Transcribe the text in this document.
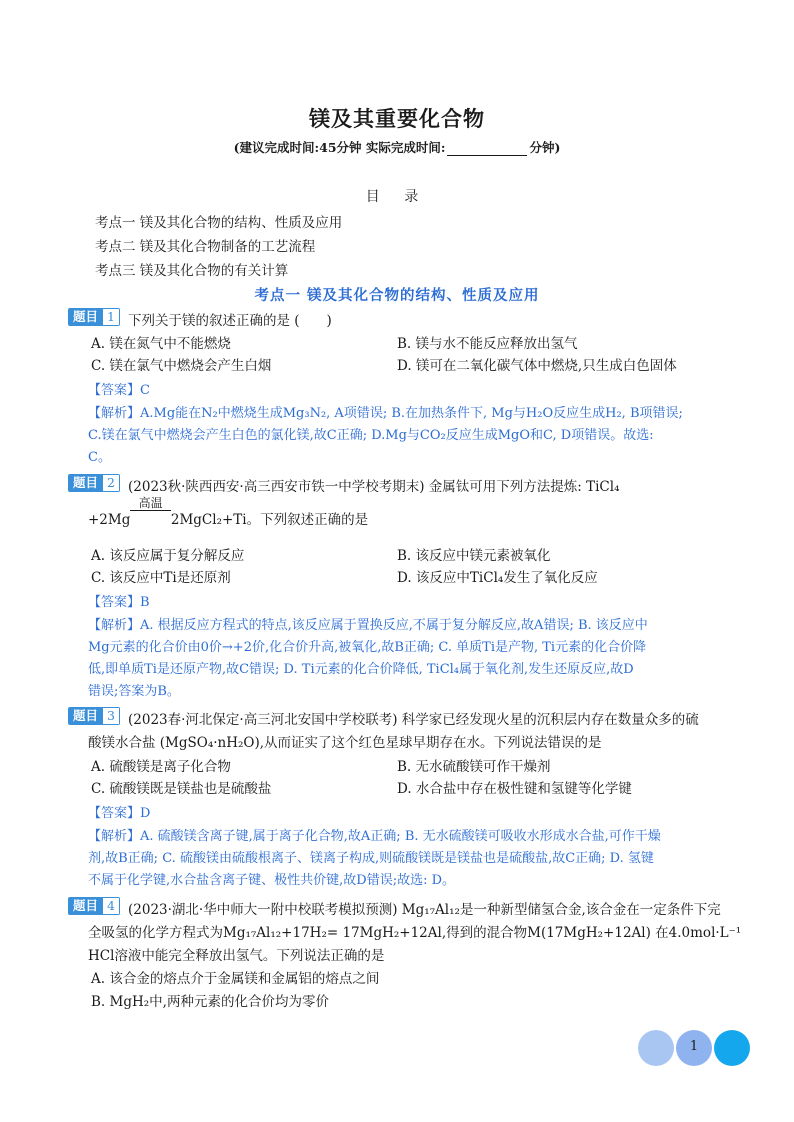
镁及其重要化合物
(建议完成时间:45分钟 实际完成时间:	分钟)
目 录
考点一 镁及其化合物的结构、性质及应用
考点二 镁及其化合物制备的工艺流程
考点三 镁及其化合物的有关计算
考点一 镁及其化合物的结构、性质及应用
题目 1 下列关于镁的叙述正确的是 (　　)
A. 镁在氮气中不能燃烧	B. 镁与水不能反应释放出氢气
C. 镁在氯气中燃烧会产生白烟	D. 镁可在二氧化碳气体中燃烧,只生成白色固体
【答案】C
【解析】A.Mg能在N₂中燃烧生成Mg₃N₂, A项错误; B.在加热条件下, Mg与H₂O反应生成H₂, B项错误;
C.镁在氯气中燃烧会产生白色的氯化镁,故C正确; D.Mg与CO₂反应生成MgO和C, D项错误。故选:
C。
题目 2 (2023秋·陕西西安·高三西安市铁一中学校考期末) 金属钛可用下列方法提炼: TiCl₄
+2Mg
高温
2MgCl₂+Ti。下列叙述正确的是
A. 该反应属于复分解反应	B. 该反应中镁元素被氧化
C. 该反应中Ti是还原剂	D. 该反应中TiCl₄发生了氧化反应
【答案】B
【解析】A. 根据反应方程式的特点,该反应属于置换反应,不属于复分解反应,故A错误; B. 该反应中
Mg元素的化合价由0价→+2价,化合价升高,被氧化,故B正确; C. 单质Ti是产物, Ti元素的化合价降
低,即单质Ti是还原产物,故C错误; D. Ti元素的化合价降低, TiCl₄属于氧化剂,发生还原反应,故D
错误;答案为B。
题目 3 (2023春·河北保定·高三河北安国中学校联考) 科学家已经发现火星的沉积层内存在数量众多的硫
酸镁水合盐 (MgSO₄·nH₂O),从而证实了这个红色星球早期存在水。下列说法错误的是
A. 硫酸镁是离子化合物	B. 无水硫酸镁可作干燥剂
C. 硫酸镁既是镁盐也是硫酸盐	D. 水合盐中存在极性键和氢键等化学键
【答案】D
【解析】A. 硫酸镁含离子键,属于离子化合物,故A正确; B. 无水硫酸镁可吸收水形成水合盐,可作干燥
剂,故B正确; C. 硫酸镁由硫酸根离子、镁离子构成,则硫酸镁既是镁盐也是硫酸盐,故C正确; D. 氢键
不属于化学键,水合盐含离子键、极性共价键,故D错误;故选: D。
题目 4 (2023·湖北·华中师大一附中校联考模拟预测) Mg₁₇Al₁₂是一种新型储氢合金,该合金在一定条件下完
全吸氢的化学方程式为Mg₁₇Al₁₂+17H₂= 17MgH₂+12Al,得到的混合物M(17MgH₂+12Al) 在4.0mol·L⁻¹
HCl溶液中能完全释放出氢气。下列说法正确的是
A. 该合金的熔点介于金属镁和金属铝的熔点之间
B. MgH₂中,两种元素的化合价均为零价
1
